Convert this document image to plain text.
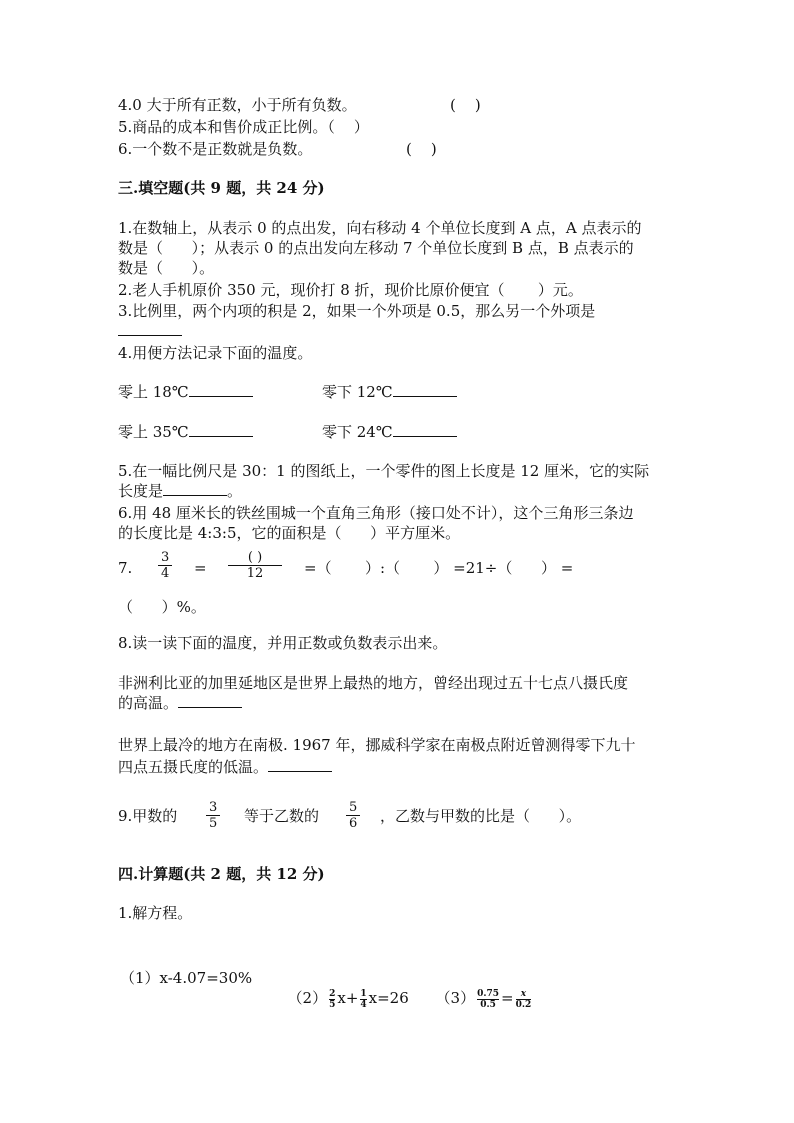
4.0 大于所有正数，小于所有负数。	(    )
5.商品的成本和售价成正比例。（    ）
6.一个数不是正数就是负数。	(    )
三.填空题(共 9 题，共 24 分)
1.在数轴上，从表示 0 的点出发，向右移动 4 个单位长度到 A 点，A 点表示的
数是（      ）；从表示 0 的点出发向左移动 7 个单位长度到 B 点，B 点表示的
数是（      ）。
2.老人手机原价 350 元，现价打 8 折，现价比原价便宜（       ）元。
3.比例里，两个内项的积是 2，如果一个外项是 0.5，那么另一个外项是
4.用便方法记录下面的温度。
零上 18℃	零下 12℃
零上 35℃	零下 24℃
5.在一幅比例尺是 30：1 的图纸上，一个零件的图上长度是 12 厘米，它的实际
长度是	。
6.用 48 厘米长的铁丝围城一个直角三角形（接口处不计），这个三角形三条边
的长度比是 4:3:5，它的面积是（      ）平方厘米。
7.
3
4 =
( )
12	=（       ）:（       ） =21÷（      ） =
（      ）%。
8.读一读下面的温度，并用正数或负数表示出来。
非洲利比亚的加里延地区是世界上最热的地方，曾经出现过五十七点八摄氏度
的高温。
世界上最冷的地方在南极. 1967 年，挪威科学家在南极点附近曾测得零下九十
四点五摄氏度的低温。
9.甲数的 3
5 等于乙数的 5
6 ，乙数与甲数的比是（      ）。
四.计算题(共 2 题，共 12 分)
1.解方程。
（1）x-4.07=30%

$(2) \frac{2}{5} x+ \frac{1}{4} x=26$	$(3) \frac{0.75}{0.5} = \frac{x}{0.2}$
